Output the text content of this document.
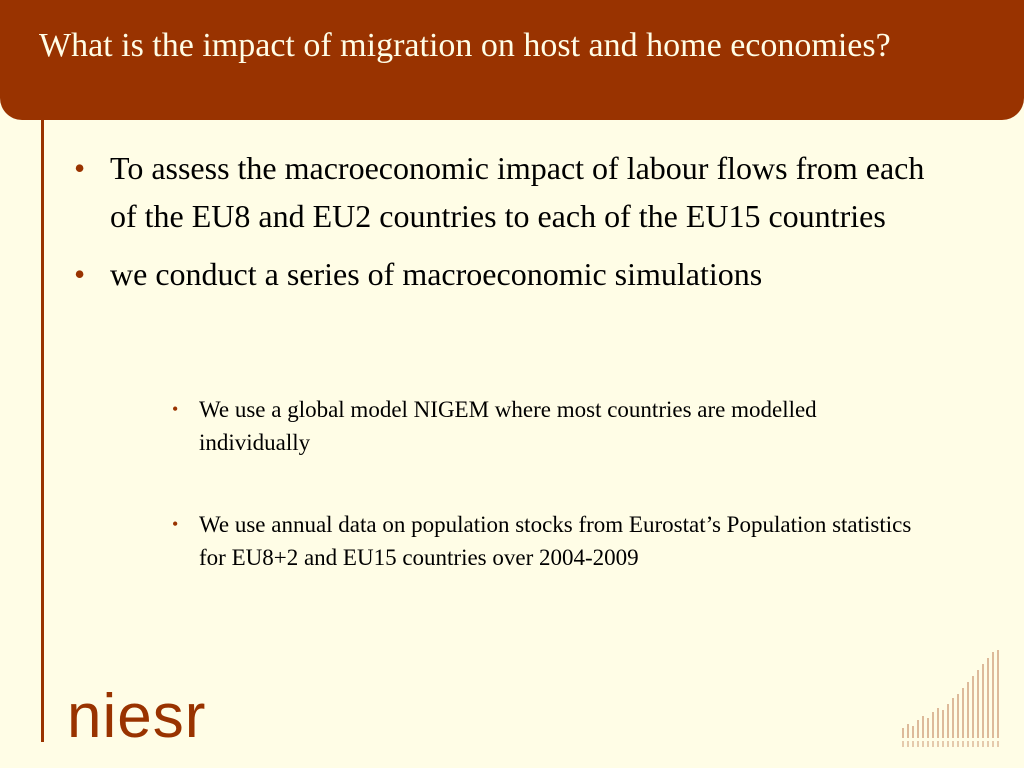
What is the impact of migration on host and home economies?
• To assess the macroeconomic impact of labour flows from each of the EU8 and EU2 countries to each of the EU15 countries
• we conduct a series of macroeconomic simulations
• We use a global model NIGEM where most countries are modelled individually
• We use annual data on population stocks from Eurostat’s Population statistics for EU8+2 and EU15 countries over 2004-2009
niesr
